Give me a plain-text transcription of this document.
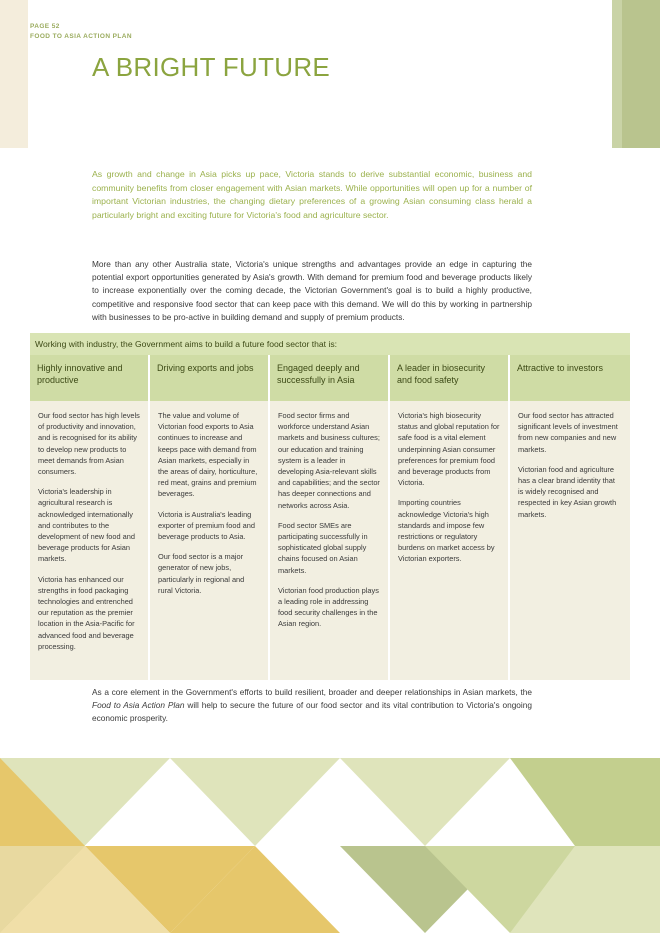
PAGE 52
FOOD TO ASIA ACTION PLAN
A BRIGHT FUTURE

As growth and change in Asia picks up pace, Victoria stands to derive substantial economic, business and community benefits from closer engagement with Asian markets. While opportunities will open up for a number of important Victorian industries, the changing dietary preferences of a growing Asian consuming class herald a particularly bright and exciting future for Victoria's food and agriculture sector.

More than any other Australia state, Victoria's unique strengths and advantages provide an edge in capturing the potential export opportunities generated by Asia's growth. With demand for premium food and beverage products likely to increase exponentially over the coming decade, the Victorian Government's goal is to build a highly productive, competitive and responsive food sector that can keep pace with this demand. We will do this by working in partnership with businesses to be pro-active in building demand and supply of premium products.

Working with industry, the Government aims to build a future food sector that is:
Highly innovative and productive

Our food sector has high levels of productivity and innovation, and is recognised for its ability to develop new products to meet demands from Asian consumers.

Victoria's leadership in agricultural research is acknowledged internationally and contributes to the development of new food and beverage products for Asian markets.

Victoria has enhanced our strengths in food packaging technologies and entrenched our reputation as the premier location in the Asia-Pacific for advanced food and beverage processing.

Driving exports and jobs

The value and volume of Victorian food exports to Asia continues to increase and keeps pace with demand from Asian markets, especially in the areas of dairy, horticulture, red meat, grains and premium beverages.

Victoria is Australia's leading exporter of premium food and beverage products to Asia.

Our food sector is a major generator of new jobs, particularly in regional and rural Victoria.

Engaged deeply and successfully in Asia

Food sector firms and workforce understand Asian markets and business cultures; our education and training system is a leader in developing Asia-relevant skills and capabilities; and the sector has deeper connections and networks across Asia.

Food sector SMEs are participating successfully in sophisticated global supply chains focused on Asian markets.

Victorian food production plays a leading role in addressing food security challenges in the Asian region.

A leader in biosecurity and food safety

Victoria's high biosecurity status and global reputation for safe food is a vital element underpinning Asian consumer preferences for premium food and beverage products from Victoria.

Importing countries acknowledge Victoria's high standards and impose few restrictions or regulatory burdens on market access by Victorian exporters.

Attractive to investors

Our food sector has attracted significant levels of investment from new companies and new markets.

Victorian food and agriculture has a clear brand identity that is widely recognised and respected in key Asian growth markets.

As a core element in the Government's efforts to build resilient, broader and deeper relationships in Asian markets, the Food to Asia Action Plan will help to secure the future of our food sector and its vital contribution to Victoria's ongoing economic prosperity.
